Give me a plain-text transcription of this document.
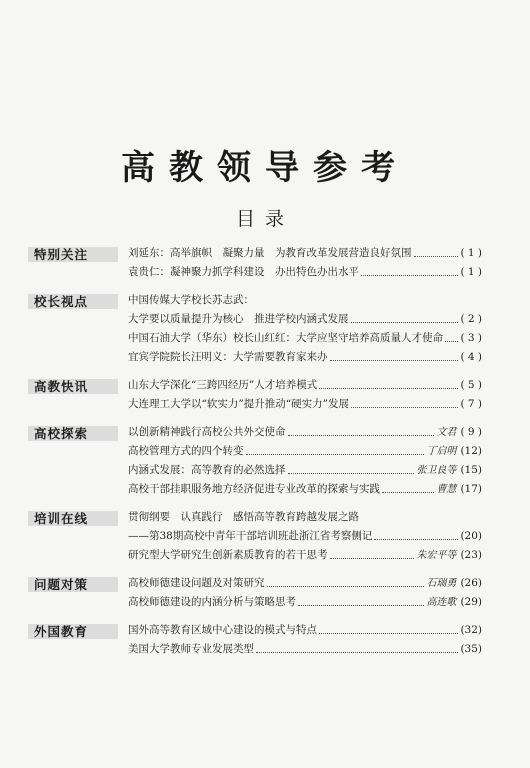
高教领导参考
目录
特别关注	刘延东：高举旗帜　凝聚力量　为教育改革发展营造良好氛围	( 1 )
袁贵仁：凝神聚力抓学科建设　办出特色办出水平	( 1 )
校长视点	中国传媒大学校长苏志武：
大学要以质量提升为核心　推进学校内涵式发展	( 2 )
中国石油大学（华东）校长山红红：大学应坚守培养高质量人才使命 ( 3 )
宜宾学院院长汪明义：大学需要教育家来办	( 4 )
高教快讯	山东大学深化“三跨四经历”人才培养模式	( 5 )
大连理工大学以“软实力”提升推动“硬实力”发展	( 7 )
高校探索	以创新精神践行高校公共外交使命	文君 ( 9 )
高校管理方式的四个转变	丁启明 (12)
内涵式发展：高等教育的必然选择	张卫良等 (15)
高校干部挂职服务地方经济促进专业改革的探索与实践	曹慧 (17)
培训在线	贯彻纲要　认真践行　感悟高等教育跨越发展之路
——第38期高校中青年干部培训班赴浙江省考察侧记	(20)
研究型大学研究生创新素质教育的若干思考	朱宏平等 (23)
问题对策	高校师德建设问题及对策研究	石瑞勇 (26)
高校师德建设的内涵分析与策略思考	高连歌 (29)
外国教育	国外高等教育区域中心建设的模式与特点	(32)
美国大学教师专业发展类型	(35)
